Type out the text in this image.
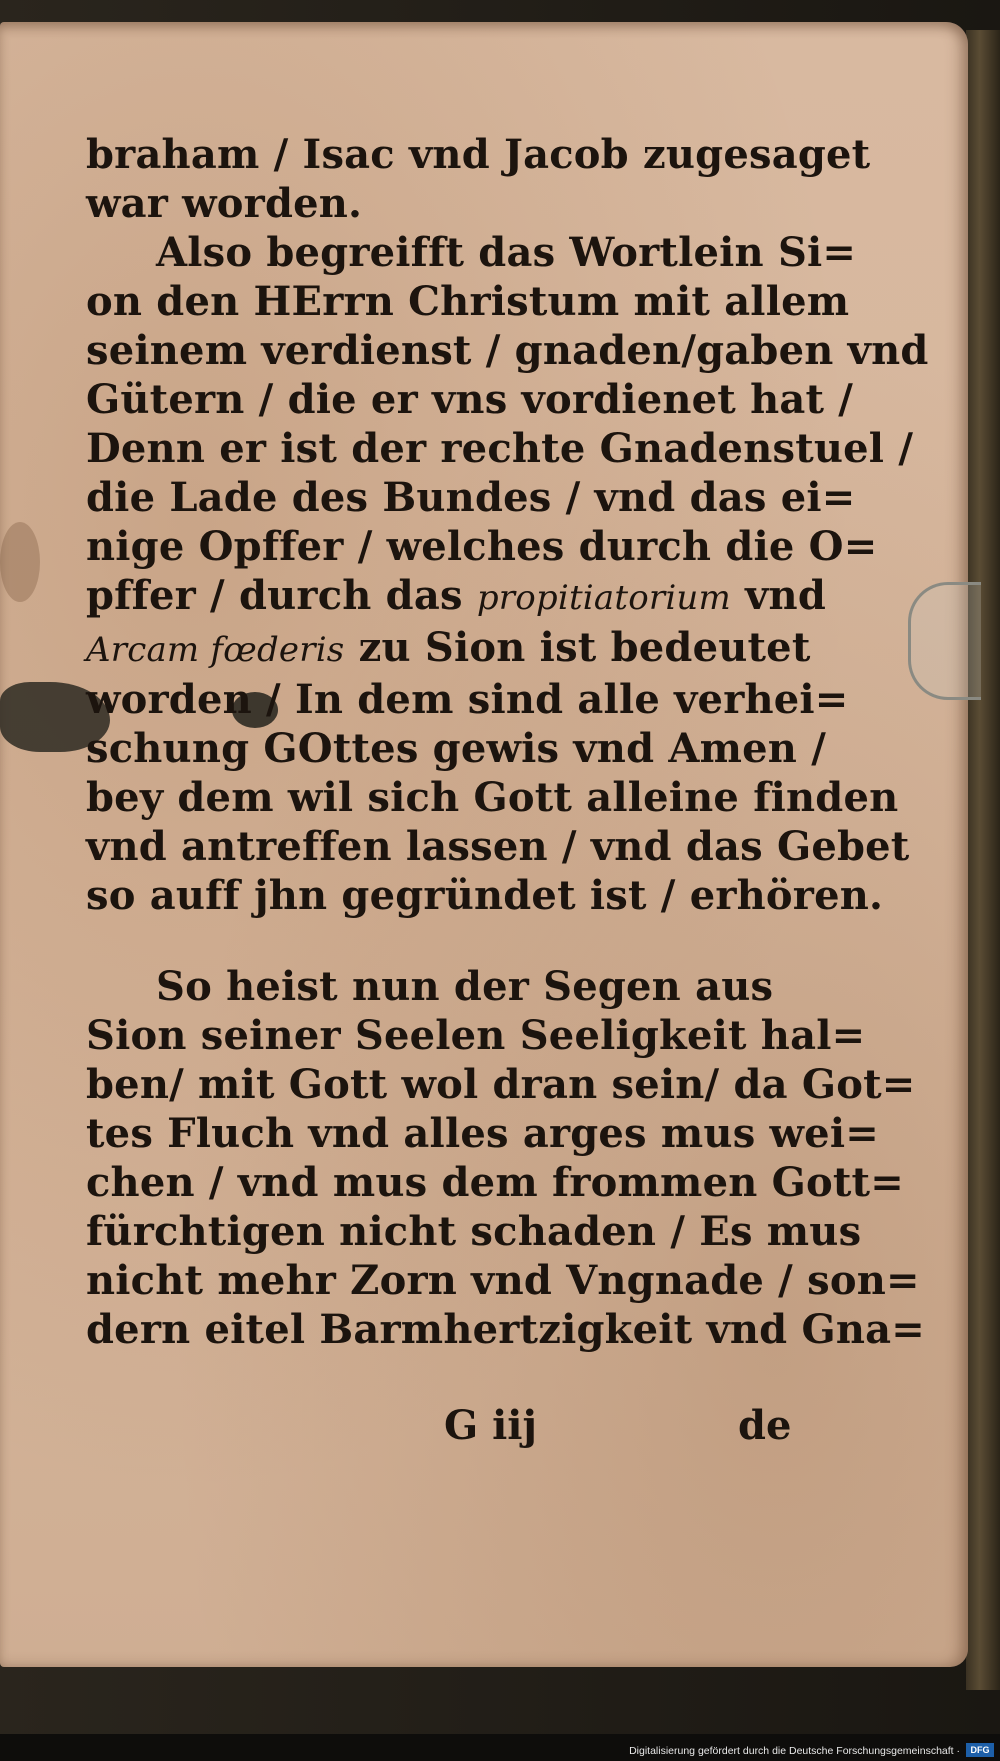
braham / Isac vnd Jacob zugesaget
war worden.
Also begreifft das Wortlein Si=
on den HErrn Christum mit allem
seinem verdienst / gnaden/gaben vnd
Gütern / die er vns vordienet hat /
Denn er ist der rechte Gnadenstuel /
die Lade des Bundes / vnd das ei=
nige Opffer / welches durch die O=
pffer / durch das propitiatorium vnd
Arcam fœderis zu Sion ist bedeutet
worden / In dem sind alle verhei=
schung GOttes gewis vnd Amen /
bey dem wil sich Gott alleine finden
vnd antreffen lassen / vnd das Gebet
so auff jhn gegründet ist / erhören.
So heist nun der Segen aus
Sion seiner Seelen Seeligkeit hal=
ben/ mit Gott wol dran sein/ da Got=
tes Fluch vnd alles arges mus wei=
chen / vnd mus dem frommen Gott=
fürchtigen nicht schaden / Es mus
nicht mehr Zorn vnd Vngnade / son=
dern eitel Barmhertzigkeit vnd Gna=
G iij	de
Digitalisierung gefördert durch die Deutsche Forschungsgemeinschaft ·	DFG
